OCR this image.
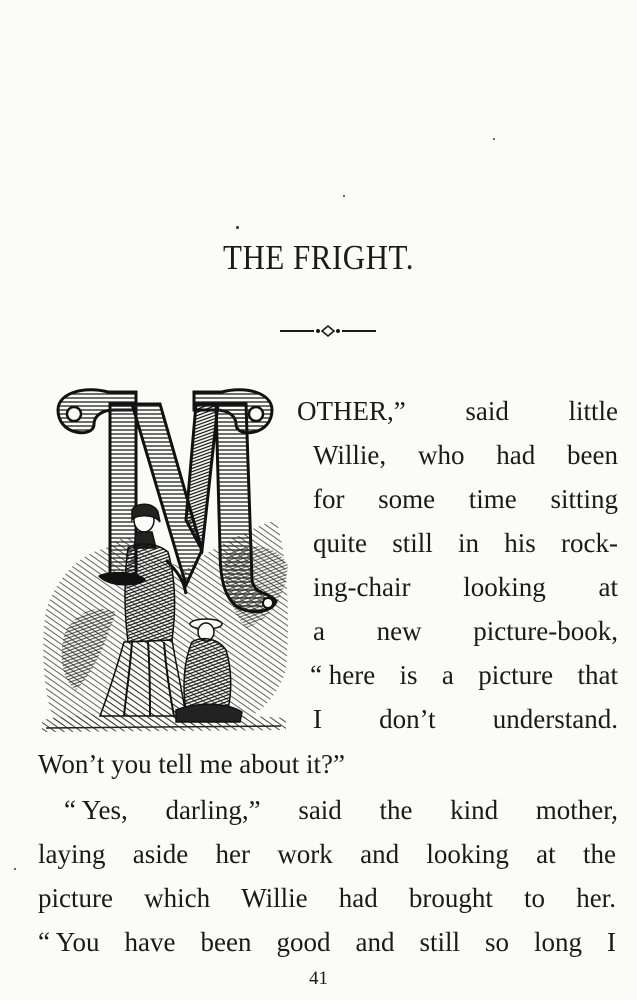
THE FRIGHT.
OTHER,” said little
Willie, who had been
for some time sitting
quite still in his rock-
ing-chair looking at
a new picture-book,
“ here is a picture that
I don’t understand.
Won’t you tell me about it?”
“ Yes, darling,” said the kind mother,
laying aside her work and looking at the
picture which Willie had brought to her.
“ You have been good and still so long I
41
